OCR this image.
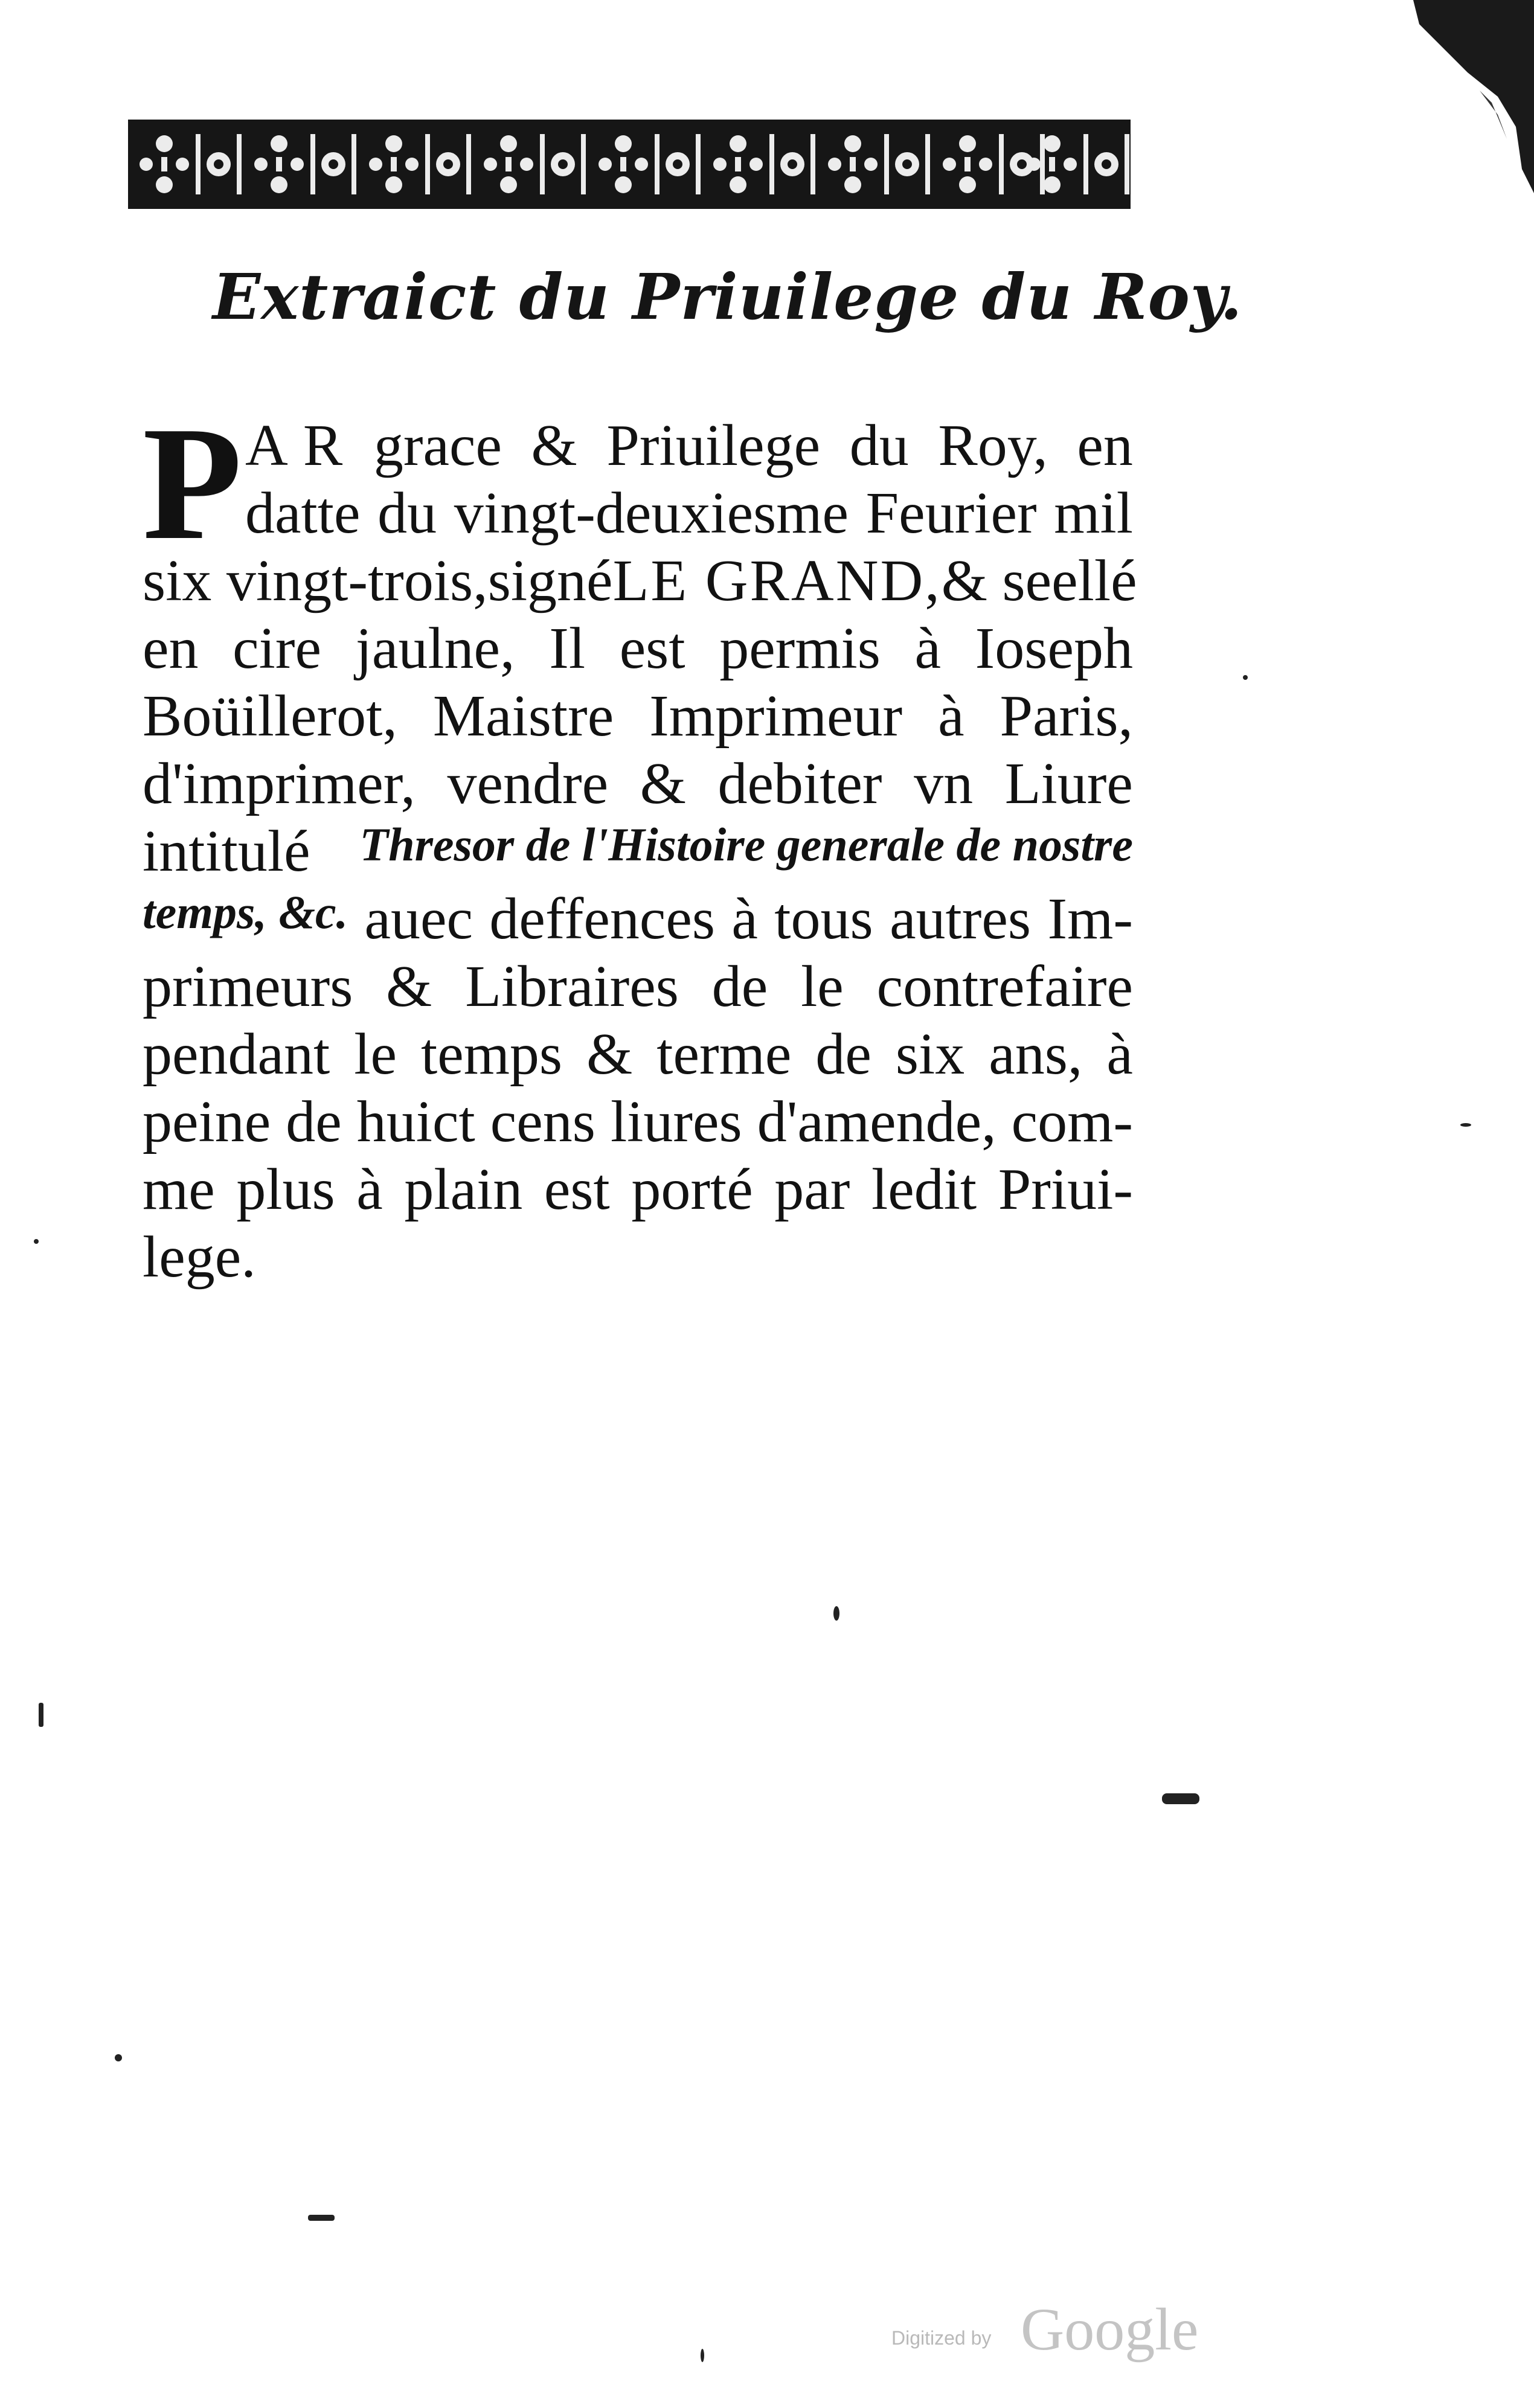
Extraict du Priuilege du Roy.
P A R grace & Priuilege du Roy, en
datte du vingt-deuxiesme Feurier mil
six vingt-trois, signé LE GRAND, & seellé
en cire jaulne, Il est permis à Ioseph
Boüillerot, Maistre Imprimeur à Paris,
d'imprimer, vendre & debiter vn Liure
intitulé Thresor de l'Histoire generale de nostre
temps, &c. auec deffences à tous autres Im-
primeurs & Libraires de le contrefaire
pendant le temps & terme de six ans, à
peine de huict cens liures d'amende, com-
me plus à plain est porté par ledit Priui-
lege.
Digitized by Google
